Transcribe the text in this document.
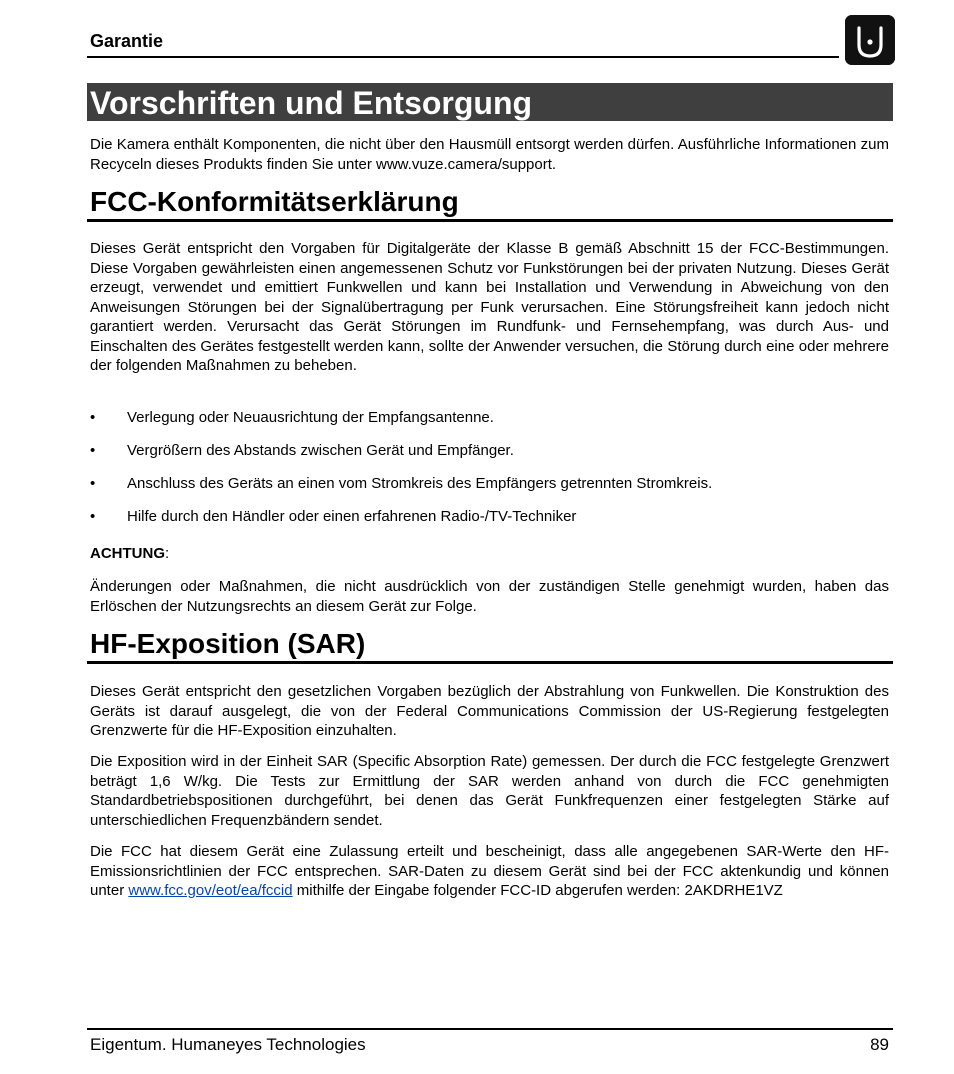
Garantie
Vorschriften und Entsorgung

Die Kamera enthält Komponenten, die nicht über den Hausmüll entsorgt werden dürfen. Ausführliche Informationen zum Recyceln dieses Produkts finden Sie unter www.vuze.camera/support.

FCC-Konformitätserklärung

Dieses Gerät entspricht den Vorgaben für Digitalgeräte der Klasse B gemäß Abschnitt 15 der FCC-Bestimmungen. Diese Vorgaben gewährleisten einen angemessenen Schutz vor Funkstörungen bei der privaten Nutzung. Dieses Gerät erzeugt, verwendet und emittiert Funkwellen und kann bei Installation und Verwendung in Abweichung von den Anweisungen Störungen bei der Signalübertragung per Funk verursachen. Eine Störungsfreiheit kann jedoch nicht garantiert werden. Verursacht das Gerät Störungen im Rundfunk- und Fernsehempfang, was durch Aus- und Einschalten des Gerätes festgestellt werden kann, sollte der Anwender versuchen, die Störung durch eine oder mehrere der folgenden Maßnahmen zu beheben.

•	Verlegung oder Neuausrichtung der Empfangsantenne.
•	Vergrößern des Abstands zwischen Gerät und Empfänger.
•	Anschluss des Geräts an einen vom Stromkreis des Empfängers getrennten Stromkreis.
•	Hilfe durch den Händler oder einen erfahrenen Radio-/TV-Techniker

ACHTUNG:

Änderungen oder Maßnahmen, die nicht ausdrücklich von der zuständigen Stelle genehmigt wurden, haben das Erlöschen der Nutzungsrechts an diesem Gerät zur Folge.

HF-Exposition (SAR)

Dieses Gerät entspricht den gesetzlichen Vorgaben bezüglich der Abstrahlung von Funkwellen. Die Konstruktion des Geräts ist darauf ausgelegt, die von der Federal Communications Commission der US-Regierung festgelegten Grenzwerte für die HF-Exposition einzuhalten.

Die Exposition wird in der Einheit SAR (Specific Absorption Rate) gemessen. Der durch die FCC festgelegte Grenzwert beträgt 1,6 W/kg. Die Tests zur Ermittlung der SAR werden anhand von durch die FCC genehmigten Standardbetriebspositionen durchgeführt, bei denen das Gerät Funkfrequenzen einer festgelegten Stärke auf unterschiedlichen Frequenzbändern sendet.

Die FCC hat diesem Gerät eine Zulassung erteilt und bescheinigt, dass alle angegebenen SAR-Werte den HF-Emissionsrichtlinien der FCC entsprechen. SAR-Daten zu diesem Gerät sind bei der FCC aktenkundig und können unter www.fcc.gov/eot/ea/fccid mithilfe der Eingabe folgender FCC-ID abgerufen werden: 2AKDRHE1VZ

Eigentum. Humaneyes Technologies	89
